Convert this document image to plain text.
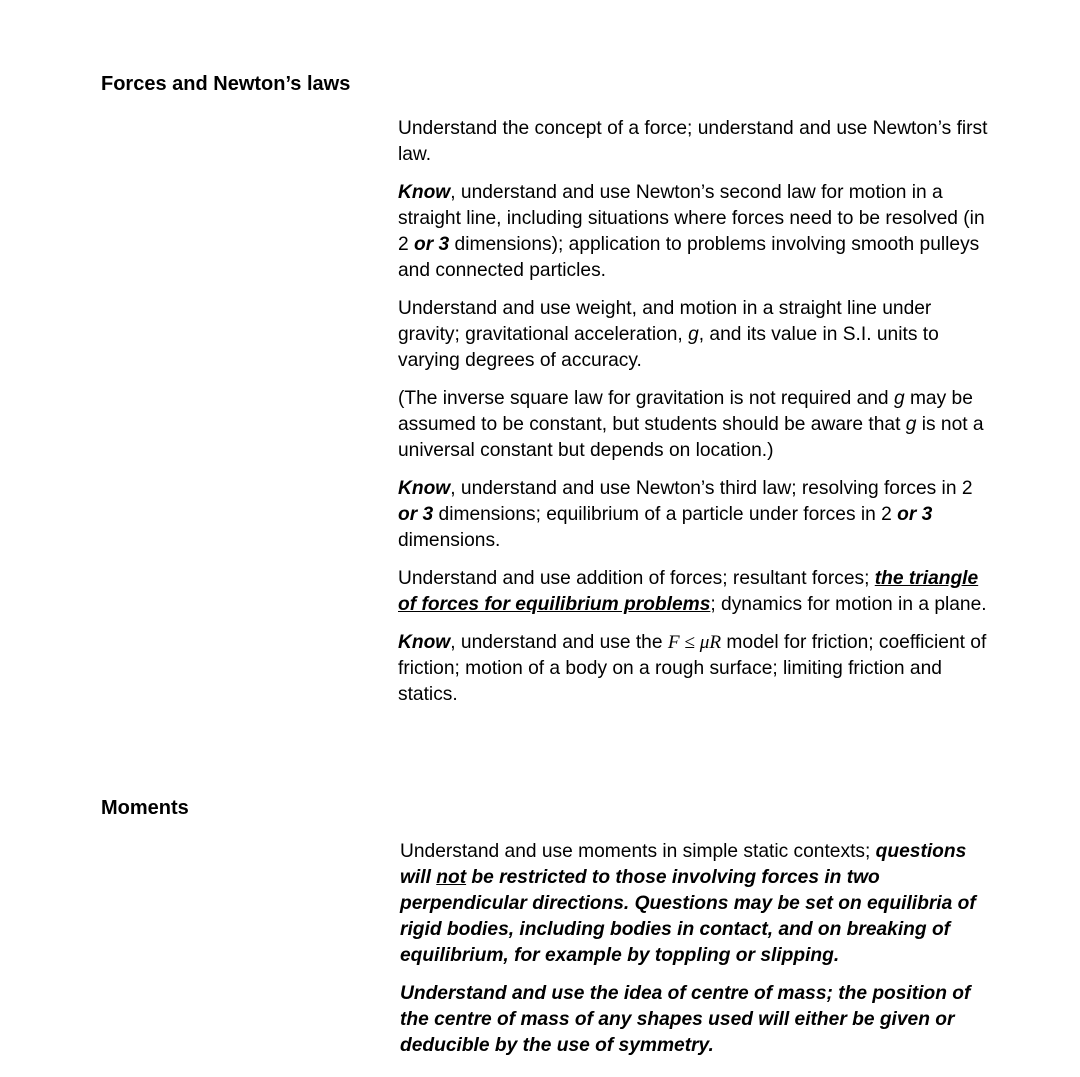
Forces and Newton’s laws

Understand the concept of a force; understand and use Newton’s first law.

Know, understand and use Newton’s second law for motion in a straight line, including situations where forces need to be resolved (in 2 or 3 dimensions); application to problems involving smooth pulleys and connected particles.

Understand and use weight, and motion in a straight line under gravity; gravitational acceleration, g, and its value in S.I. units to varying degrees of accuracy.

(The inverse square law for gravitation is not required and g may be assumed to be constant, but students should be aware that g is not a universal constant but depends on location.)

Know, understand and use Newton’s third law; resolving forces in 2 or 3 dimensions; equilibrium of a particle under forces in 2 or 3 dimensions.

Understand and use addition of forces; resultant forces; the triangle of forces for equilibrium problems; dynamics for motion in a plane.

Know, understand and use the F ≤ μR model for friction; coefficient of friction; motion of a body on a rough surface; limiting friction and statics.

Moments

Understand and use moments in simple static contexts; questions will not be restricted to those involving forces in two perpendicular directions. Questions may be set on equilibria of rigid bodies, including bodies in contact, and on breaking of equilibrium, for example by toppling or slipping.

Understand and use the idea of centre of mass; the position of the centre of mass of any shapes used will either be given or deducible by the use of symmetry.
